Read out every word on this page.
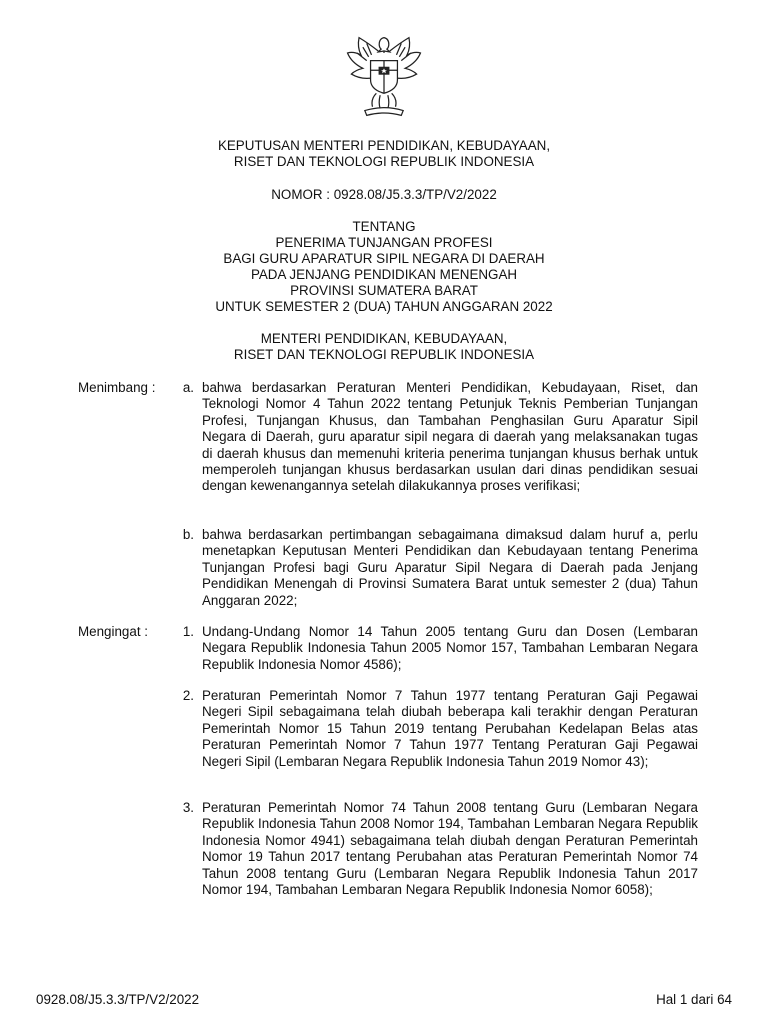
KEPUTUSAN MENTERI PENDIDIKAN, KEBUDAYAAN,
RISET DAN TEKNOLOGI REPUBLIK INDONESIA
NOMOR : 0928.08/J5.3.3/TP/V2/2022
TENTANG
PENERIMA TUNJANGAN PROFESI
BAGI GURU APARATUR SIPIL NEGARA DI DAERAH
PADA JENJANG PENDIDIKAN MENENGAH
PROVINSI SUMATERA BARAT
UNTUK SEMESTER 2 (DUA) TAHUN ANGGARAN 2022
MENTERI PENDIDIKAN, KEBUDAYAAN,
RISET DAN TEKNOLOGI REPUBLIK INDONESIA
Menimbang :	a. bahwa berdasarkan Peraturan Menteri Pendidikan, Kebudayaan, Riset, dan Teknologi Nomor 4 Tahun 2022 tentang Petunjuk Teknis Pemberian Tunjangan Profesi, Tunjangan Khusus, dan Tambahan Penghasilan Guru Aparatur Sipil Negara di Daerah, guru aparatur sipil negara di daerah yang melaksanakan tugas di daerah khusus dan memenuhi kriteria penerima tunjangan khusus berhak untuk memperoleh tunjangan khusus berdasarkan usulan dari dinas pendidikan sesuai dengan kewenangannya setelah dilakukannya proses verifikasi;
b. bahwa berdasarkan pertimbangan sebagaimana dimaksud dalam huruf a, perlu menetapkan Keputusan Menteri Pendidikan dan Kebudayaan tentang Penerima Tunjangan Profesi bagi Guru Aparatur Sipil Negara di Daerah pada Jenjang Pendidikan Menengah di Provinsi Sumatera Barat untuk semester 2 (dua) Tahun Anggaran 2022;
Mengingat :	1. Undang-Undang Nomor 14 Tahun 2005 tentang Guru dan Dosen (Lembaran Negara Republik Indonesia Tahun 2005 Nomor 157, Tambahan Lembaran Negara Republik Indonesia Nomor 4586);
2. Peraturan Pemerintah Nomor 7 Tahun 1977 tentang Peraturan Gaji Pegawai Negeri Sipil sebagaimana telah diubah beberapa kali terakhir dengan Peraturan Pemerintah Nomor 15 Tahun 2019 tentang Perubahan Kedelapan Belas atas Peraturan Pemerintah Nomor 7 Tahun 1977 Tentang Peraturan Gaji Pegawai Negeri Sipil (Lembaran Negara Republik Indonesia Tahun 2019 Nomor 43);
3. Peraturan Pemerintah Nomor 74 Tahun 2008 tentang Guru (Lembaran Negara Republik Indonesia Tahun 2008 Nomor 194, Tambahan Lembaran Negara Republik Indonesia Nomor 4941) sebagaimana telah diubah dengan Peraturan Pemerintah Nomor 19 Tahun 2017 tentang Perubahan atas Peraturan Pemerintah Nomor 74 Tahun 2008 tentang Guru (Lembaran Negara Republik Indonesia Tahun 2017 Nomor 194, Tambahan Lembaran Negara Republik Indonesia Nomor 6058);
0928.08/J5.3.3/TP/V2/2022	Hal 1 dari 64
